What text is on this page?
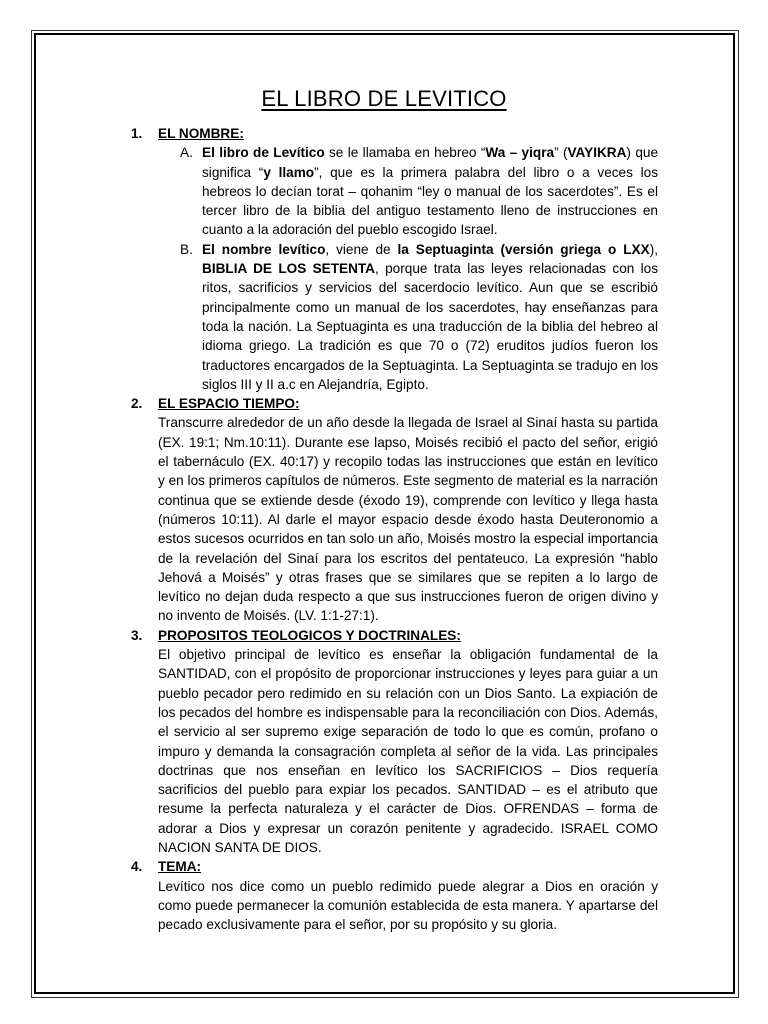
EL LIBRO DE LEVITICO
1.	EL NOMBRE:
A. El libro de Levítico se le llamaba en hebreo “Wa – yiqra” (VAYIKRA) que significa “y llamo”, que es la primera palabra del libro o a veces los hebreos lo decían torat – qohanim “ley o manual de los sacerdotes”. Es el tercer libro de la biblia del antiguo testamento lleno de instrucciones en cuanto a la adoración del pueblo escogido Israel.
B. El nombre levítico, viene de la Septuaginta (versión griega o LXX), BIBLIA DE LOS SETENTA, porque trata las leyes relacionadas con los ritos, sacrificios y servicios del sacerdocio levítico. Aun que se escribió principalmente como un manual de los sacerdotes, hay enseñanzas para toda la nación. La Septuaginta es una traducción de la biblia del hebreo al idioma griego. La tradición es que 70 o (72) eruditos judíos fueron los traductores encargados de la Septuaginta. La Septuaginta se tradujo en los siglos III y II a.c en Alejandría, Egipto.
2.	EL ESPACIO TIEMPO:
Transcurre alrededor de un año desde la llegada de Israel al Sinaí hasta su partida (EX. 19:1; Nm.10:11). Durante ese lapso, Moisés recibió el pacto del señor, erigió el tabernáculo (EX. 40:17) y recopilo todas las instrucciones que están en levítico y en los primeros capítulos de números. Este segmento de material es la narración continua que se extiende desde (éxodo 19), comprende con levítico y llega hasta (números 10:11). Al darle el mayor espacio desde éxodo hasta Deuteronomio a estos sucesos ocurridos en tan solo un año, Moisés mostro la especial importancia de la revelación del Sinaí para los escritos del pentateuco. La expresión “hablo Jehová a Moisés” y otras frases que se similares que se repiten a lo largo de levítico no dejan duda respecto a que sus instrucciones fueron de origen divino y no invento de Moisés. (LV. 1:1-27:1).
3.	PROPOSITOS TEOLOGICOS Y DOCTRINALES:
El objetivo principal de levítico es enseñar la obligación fundamental de la SANTIDAD, con el propósito de proporcionar instrucciones y leyes para guiar a un pueblo pecador pero redimido en su relación con un Dios Santo. La expiación de los pecados del hombre es indispensable para la reconciliación con Dios. Además, el servicio al ser supremo exige separación de todo lo que es común, profano o impuro y demanda la consagración completa al señor de la vida. Las principales doctrinas que nos enseñan en levítico los SACRIFICIOS – Dios requería sacrificios del pueblo para expiar los pecados. SANTIDAD – es el atributo que resume la perfecta naturaleza y el carácter de Dios. OFRENDAS – forma de adorar a Dios y expresar un corazón penitente y agradecido. ISRAEL COMO NACION SANTA DE DIOS.
4.	TEMA:
Levítico nos dice como un pueblo redimido puede alegrar a Dios en oración y como puede permanecer la comunión establecida de esta manera. Y apartarse del pecado exclusivamente para el señor, por su propósito y su gloria.
